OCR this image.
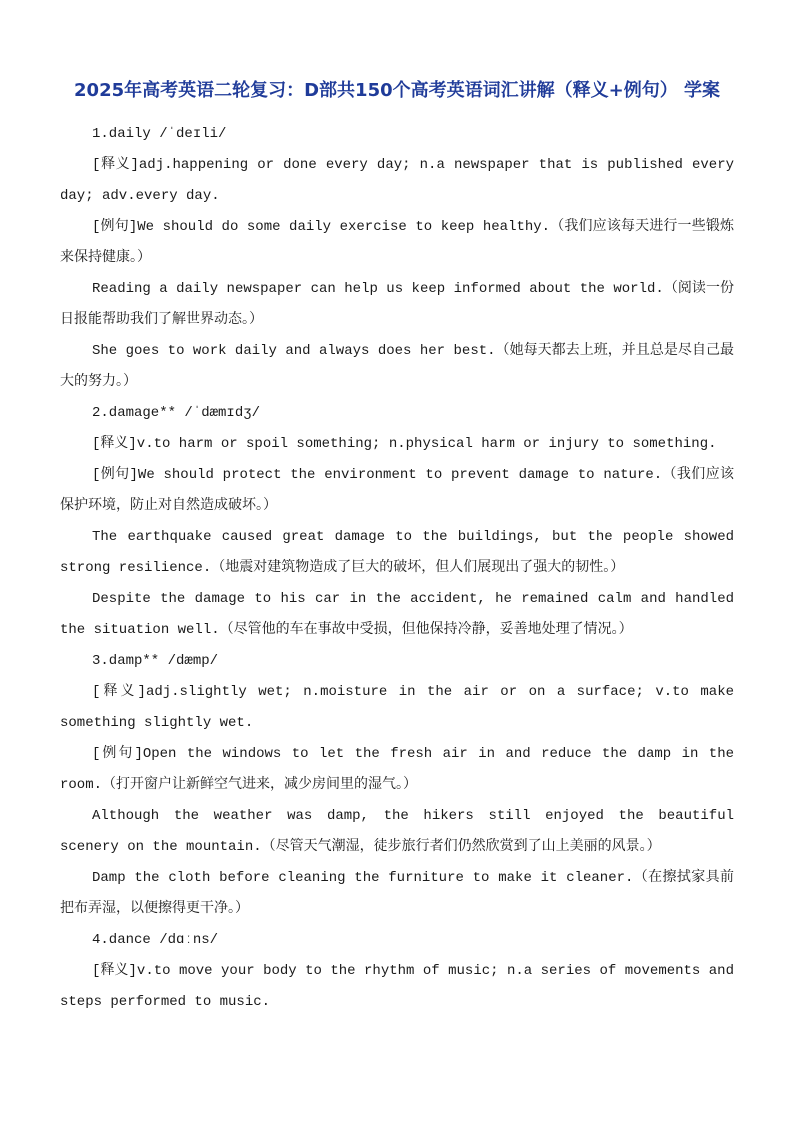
2025年高考英语二轮复习：D部共150个高考英语词汇讲解（释义+例句） 学案

1.daily /ˈdeɪli/

[释义]adj.happening or done every day; n.a newspaper that is published every day; adv.every day.

[例句]We should do some daily exercise to keep healthy.（我们应该每天进行一些锻炼来保持健康。）

Reading a daily newspaper can help us keep informed about the world.（阅读一份日报能帮助我们了解世界动态。）

She goes to work daily and always does her best.（她每天都去上班，并且总是尽自己最大的努力。）

2.damage** /ˈdæmɪdʒ/

[释义]v.to harm or spoil something; n.physical harm or injury to something.

[例句]We should protect the environment to prevent damage to nature.（我们应该保护环境，防止对自然造成破坏。）

The earthquake caused great damage to the buildings, but the people showed strong resilience.（地震对建筑物造成了巨大的破坏，但人们展现出了强大的韧性。）

Despite the damage to his car in the accident, he remained calm and handled the situation well.（尽管他的车在事故中受损，但他保持冷静，妥善地处理了情况。）

3.damp** /dæmp/

[释义]adj.slightly wet; n.moisture in the air or on a surface; v.to make something slightly wet.

[例句]Open the windows to let the fresh air in and reduce the damp in the room.（打开窗户让新鲜空气进来，减少房间里的湿气。）

Although the weather was damp, the hikers still enjoyed the beautiful scenery on the mountain.（尽管天气潮湿，徒步旅行者们仍然欣赏到了山上美丽的风景。）

Damp the cloth before cleaning the furniture to make it cleaner.（在擦拭家具前把布弄湿，以便擦得更干净。）

4.dance /dɑːns/

[释义]v.to move your body to the rhythm of music; n.a series of movements and steps performed to music.
